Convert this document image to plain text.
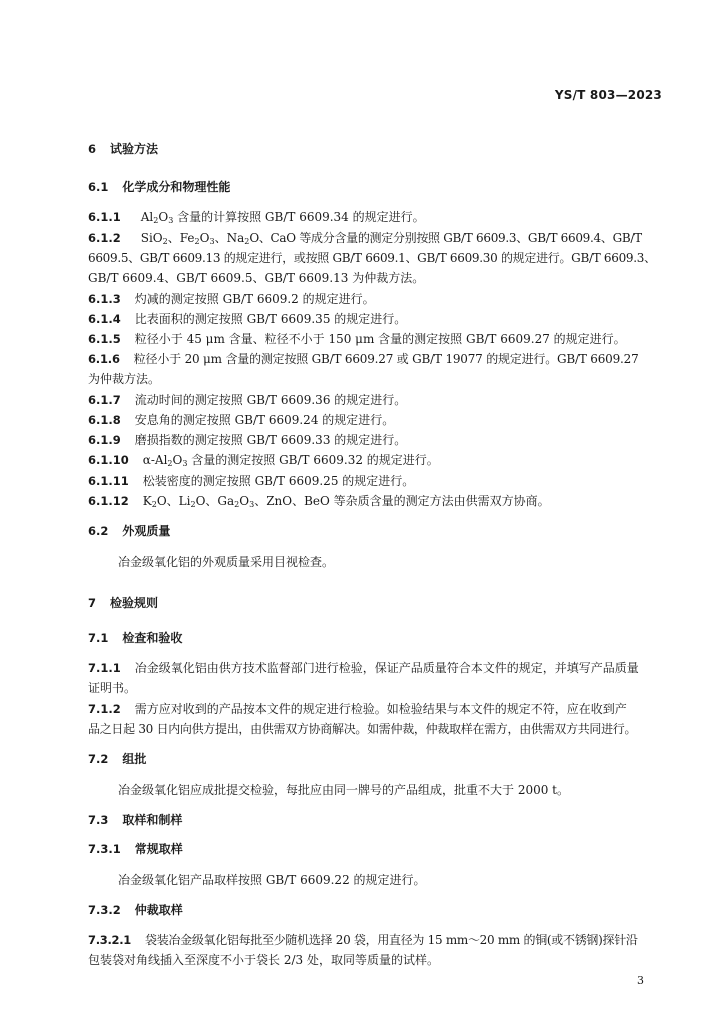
YS/T 803—2023
6 试验方法
6.1 化学成分和物理性能
6.1.1 $Al_2O_3$ 含量的计算按照 GB/T 6609.34 的规定进行。
6.1.2 SiO$_2$、$Fe_2O_3$、$Na_2O$、CaO 等成分含量的测定分别按照 GB/T 6609.3、GB/T 6609.4、GB/T
6609.5、GB/T 6609.13 的规定进行，或按照 GB/T 6609.1、GB/T 6609.30 的规定进行。GB/T 6609.3、
GB/T 6609.4、GB/T 6609.5、GB/T 6609.13 为仲裁方法。
6.1.3 灼减的测定按照 GB/T 6609.2 的规定进行。
6.1.4 比表面积的测定按照 GB/T 6609.35 的规定进行。
6.1.5 粒径小于 45 μm 含量、粒径不小于 150 μm 含量的测定按照 GB/T 6609.27 的规定进行。
6.1.6 粒径小于 20 μm 含量的测定按照 GB/T 6609.27 或 GB/T 19077 的规定进行。GB/T 6609.27
为仲裁方法。
6.1.7 流动时间的测定按照 GB/T 6609.36 的规定进行。
6.1.8 安息角的测定按照 GB/T 6609.24 的规定进行。
6.1.9 磨损指数的测定按照 GB/T 6609.33 的规定进行。
6.1.10 $\alpha-Al_2O_3$ 含量的测定按照 GB/T 6609.32 的规定进行。
6.1.11 松装密度的测定按照 GB/T 6609.25 的规定进行。
6.1.12 $K_2O$、$Li_2O$、$Ga_2O_3$、ZnO、BeO 等杂质含量的测定方法由供需双方协商。
6.2 外观质量
冶金级氧化铝的外观质量采用目视检查。
7 检验规则
7.1 检查和验收
7.1.1 冶金级氧化铝由供方技术监督部门进行检验，保证产品质量符合本文件的规定，并填写产品质量
证明书。
7.1.2 需方应对收到的产品按本文件的规定进行检验。如检验结果与本文件的规定不符，应在收到产
品之日起 30 日内向供方提出，由供需双方协商解决。如需仲裁，仲裁取样在需方，由供需双方共同进行。
7.2 组批
冶金级氧化铝应成批提交检验，每批应由同一牌号的产品组成，批重不大于 2000 t。
7.3 取样和制样
7.3.1 常规取样
冶金级氧化铝产品取样按照 GB/T 6609.22 的规定进行。
7.3.2 仲裁取样
7.3.2.1 袋装冶金级氧化铝每批至少随机选择 20 袋，用直径为 15 mm～20 mm 的铜(或不锈钢)探针沿
包装袋对角线插入至深度不小于袋长 2/3 处，取同等质量的试样。
3
